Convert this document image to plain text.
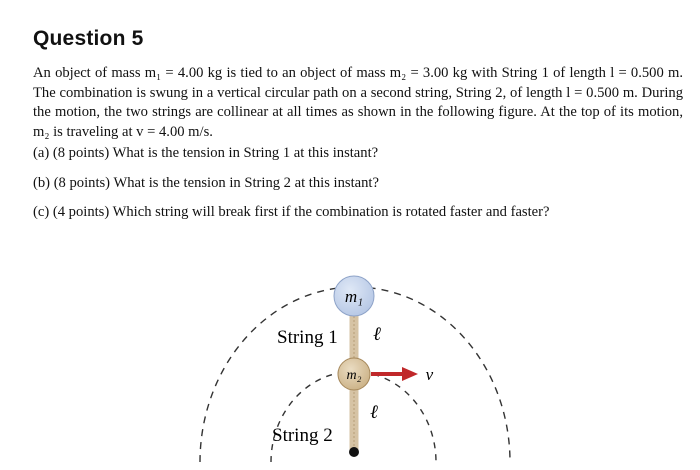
Question 5
An object of mass m₁ = 4.00 kg is tied to an object of mass m₂ = 3.00 kg with String 1 of length l = 0.500 m. The combination is swung in a vertical circular path on a second string, String 2, of length l = 0.500 m. During the motion, the two strings are collinear at all times as shown in the following figure. At the top of its motion, m₂ is traveling at v = 4.00 m/s.
(a) (8 points) What is the tension in String 1 at this instant?
(b) (8 points) What is the tension in String 2 at this instant?
(c) (4 points) Which string will break first if the combination is rotated faster and faster?
m₁
m₂	v⃗
String 1
String 2
ℓ
ℓ
